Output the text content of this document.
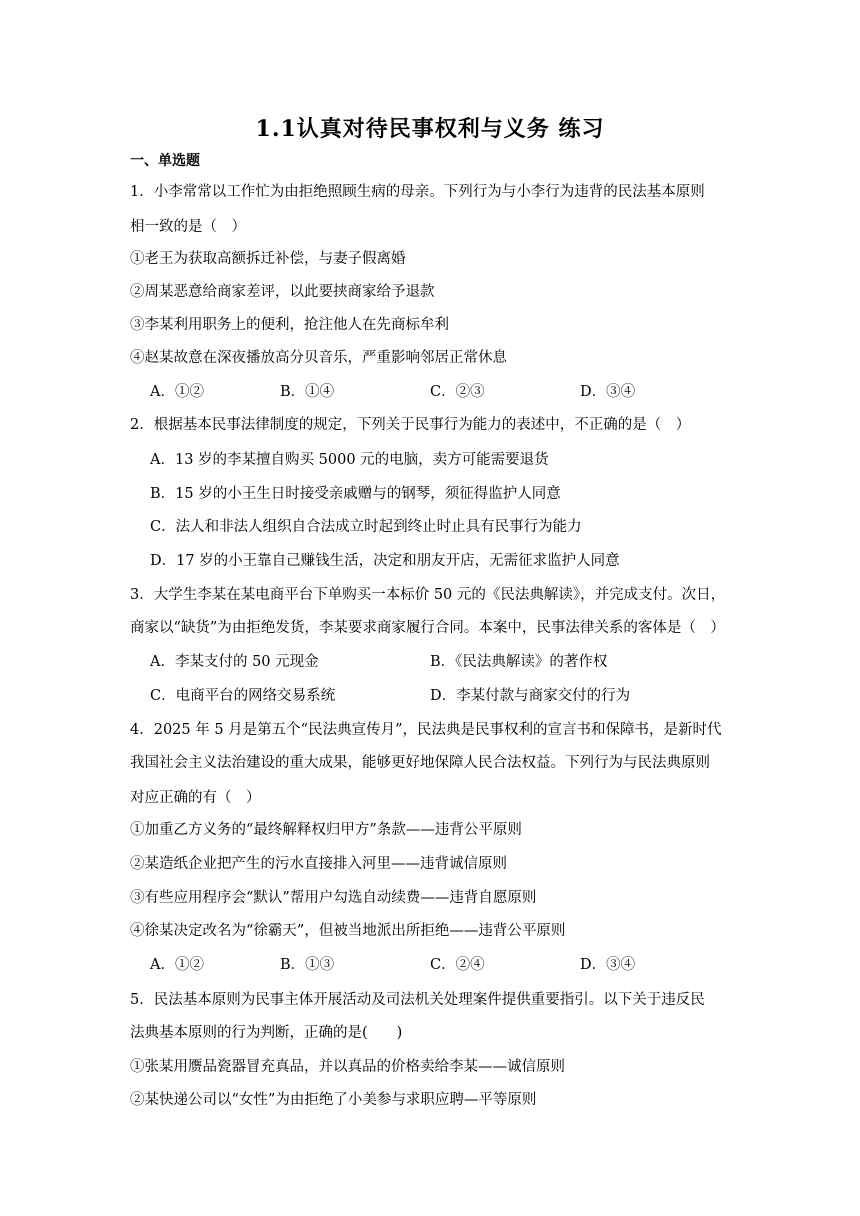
1.1认真对待民事权利与义务 练习
一、单选题
1．小李常常以工作忙为由拒绝照顾生病的母亲。下列行为与小李行为违背的民法基本原则
相一致的是（　）
①老王为获取高额拆迁补偿，与妻子假离婚
②周某恶意给商家差评，以此要挟商家给予退款
③李某利用职务上的便利，抢注他人在先商标牟利
④赵某故意在深夜播放高分贝音乐，严重影响邻居正常休息
A．①②	B．①④	C．②③	D．③④
2．根据基本民事法律制度的规定，下列关于民事行为能力的表述中，不正确的是（　）
A．13 岁的李某擅自购买 5000 元的电脑，卖方可能需要退货
B．15 岁的小王生日时接受亲戚赠与的钢琴，须征得监护人同意
C．法人和非法人组织自合法成立时起到终止时止具有民事行为能力
D．17 岁的小王靠自己赚钱生活，决定和朋友开店，无需征求监护人同意
3．大学生李某在某电商平台下单购买一本标价 50 元的《民法典解读》，并完成支付。次日，
商家以“缺货”为由拒绝发货，李某要求商家履行合同。本案中，民事法律关系的客体是（　）
A．李某支付的 50 元现金	B．《民法典解读》的著作权
C．电商平台的网络交易系统	D．李某付款与商家交付的行为
4．2025 年 5 月是第五个“民法典宣传月”，民法典是民事权利的宣言书和保障书，是新时代
我国社会主义法治建设的重大成果，能够更好地保障人民合法权益。下列行为与民法典原则
对应正确的有（　）
①加重乙方义务的“最终解释权归甲方”条款——违背公平原则
②某造纸企业把产生的污水直接排入河里——违背诚信原则
③有些应用程序会“默认”帮用户勾选自动续费——违背自愿原则
④徐某决定改名为“徐霸天”，但被当地派出所拒绝——违背公平原则
A．①②	B．①③	C．②④	D．③④
5．民法基本原则为民事主体开展活动及司法机关处理案件提供重要指引。以下关于违反民
法典基本原则的行为判断，正确的是(　　)
①张某用赝品瓷器冒充真品，并以真品的价格卖给李某——诚信原则
②某快递公司以“女性”为由拒绝了小美参与求职应聘—平等原则
